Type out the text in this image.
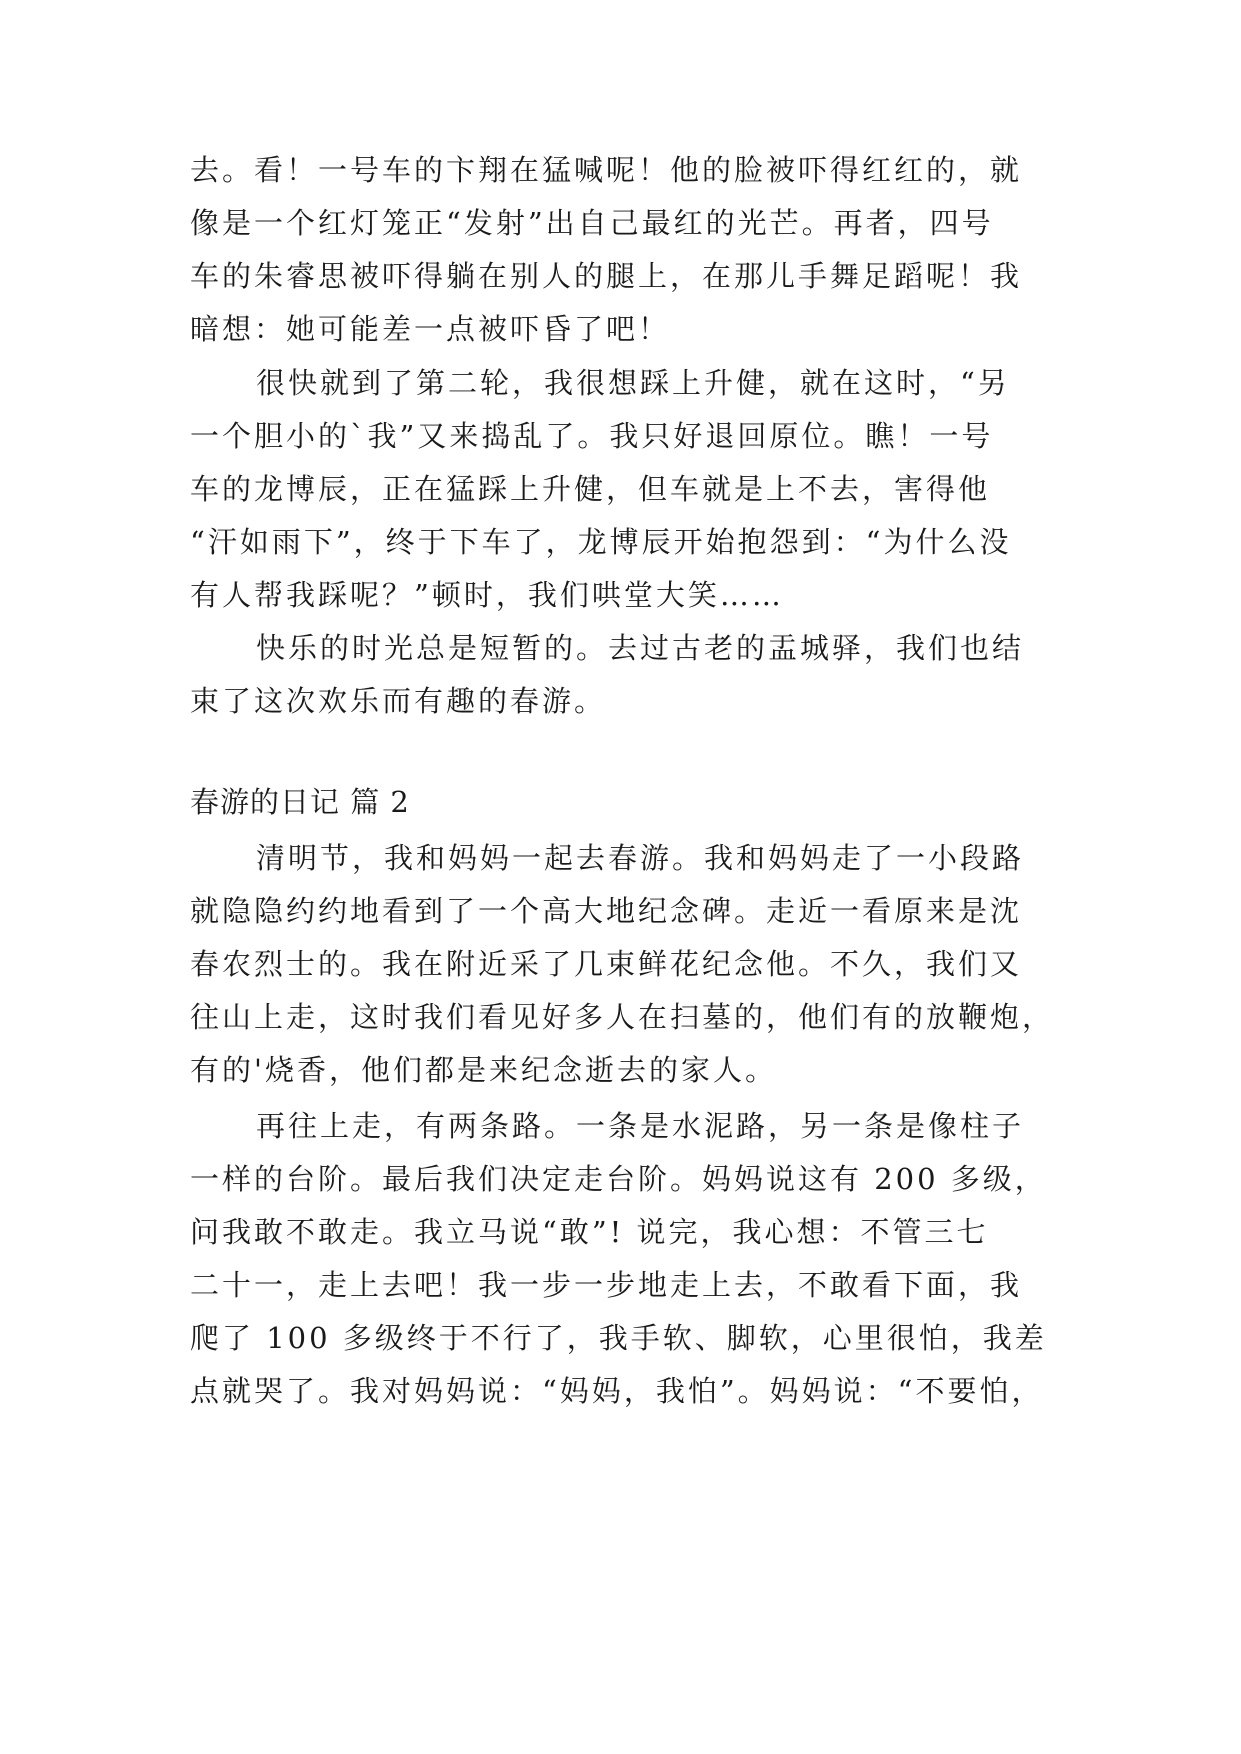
去。看！一号车的卞翔在猛喊呢！他的脸被吓得红红的，就
像是一个红灯笼正“发射”出自己最红的光芒。再者，四号
车的朱睿思被吓得躺在别人的腿上，在那儿手舞足蹈呢！我
暗想：她可能差一点被吓昏了吧！
很快就到了第二轮，我很想踩上升健，就在这时，“另
一个胆小的`我”又来捣乱了。我只好退回原位。瞧！一号
车的龙博辰，正在猛踩上升健，但车就是上不去，害得他
“汗如雨下”，终于下车了，龙博辰开始抱怨到：“为什么没
有人帮我踩呢？”顿时，我们哄堂大笑……
快乐的时光总是短暂的。去过古老的盂城驿，我们也结
束了这次欢乐而有趣的春游。
春游的日记 篇 2
清明节，我和妈妈一起去春游。我和妈妈走了一小段路
就隐隐约约地看到了一个高大地纪念碑。走近一看原来是沈
春农烈士的。我在附近采了几束鲜花纪念他。不久，我们又
往山上走，这时我们看见好多人在扫墓的，他们有的放鞭炮，
有的'烧香，他们都是来纪念逝去的家人。
再往上走，有两条路。一条是水泥路，另一条是像柱子
一样的台阶。最后我们决定走台阶。妈妈说这有 200 多级，
问我敢不敢走。我立马说“敢”! 说完，我心想：不管三七
二十一，走上去吧！我一步一步地走上去，不敢看下面，我
爬了 100 多级终于不行了，我手软、脚软，心里很怕，我差
点就哭了。我对妈妈说：“妈妈，我怕”。妈妈说：“不要怕，
